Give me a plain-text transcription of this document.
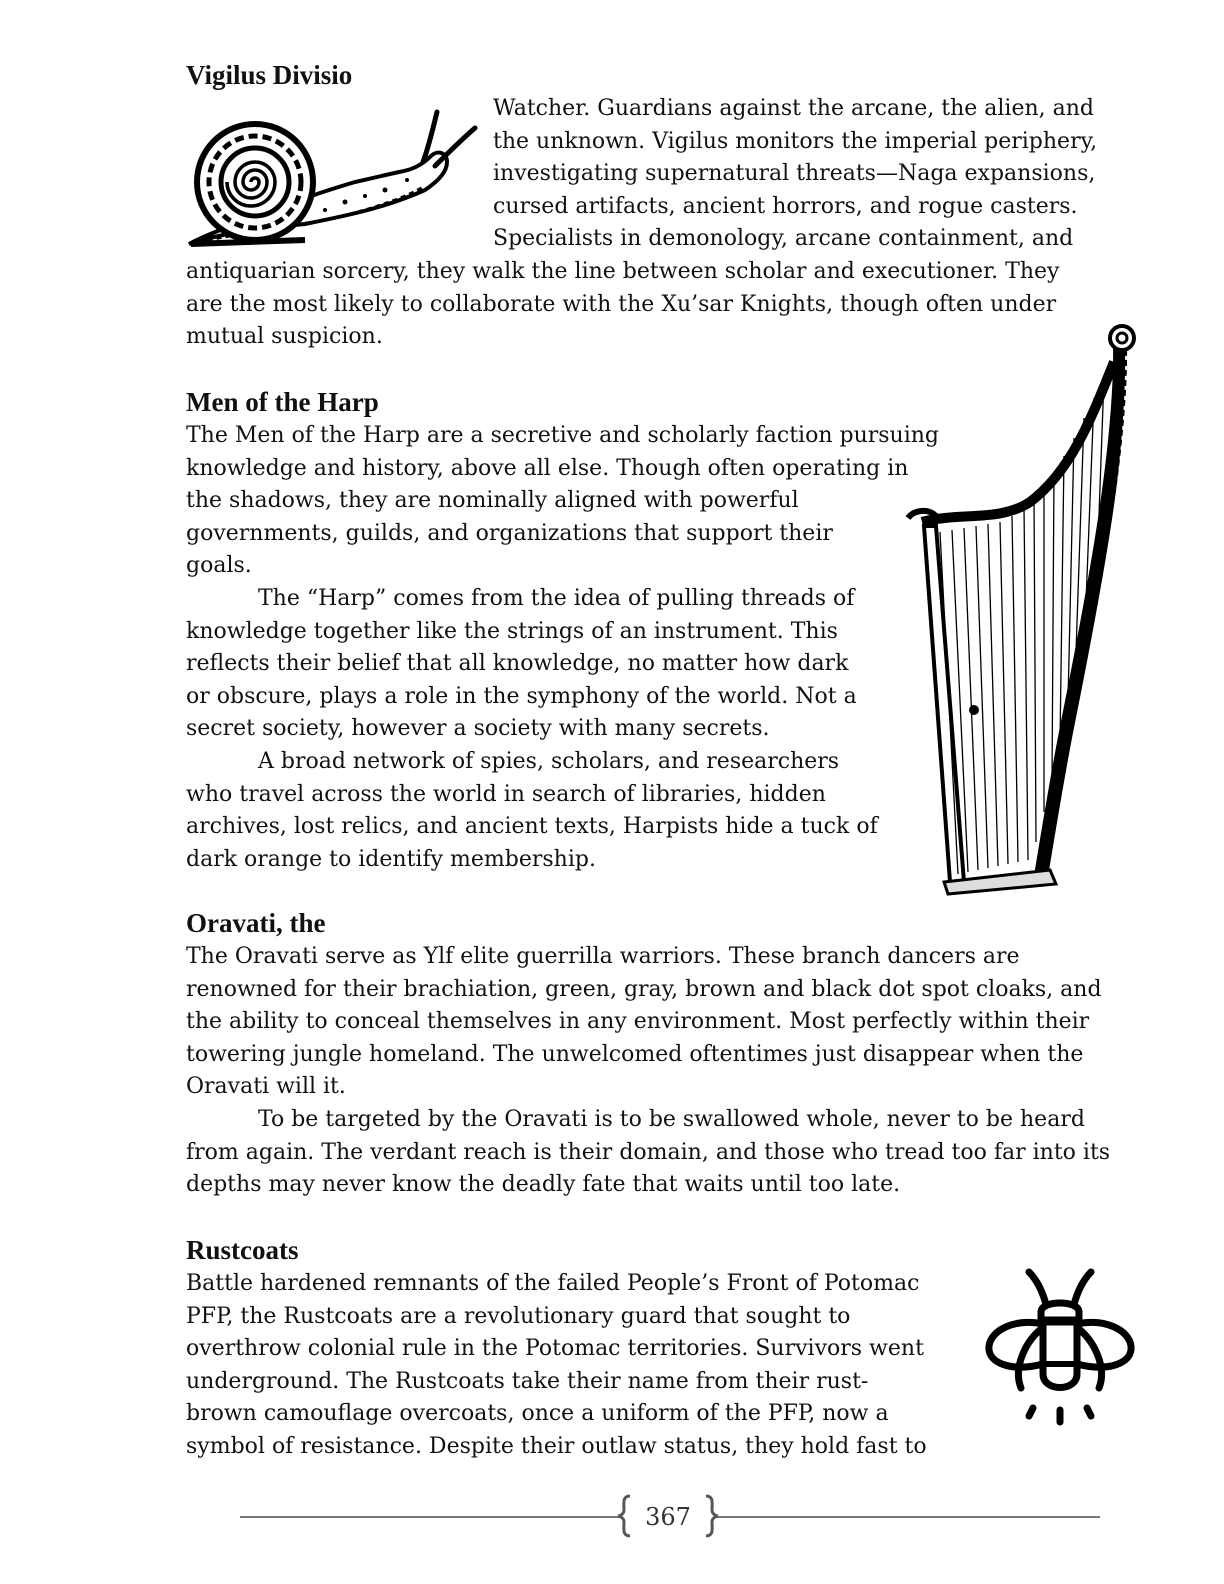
Vigilus Divisio
Watcher. Guardians against the arcane, the alien, and
the unknown. Vigilus monitors the imperial periphery,
investigating supernatural threats—Naga expansions,
cursed artifacts, ancient horrors, and rogue casters.
Specialists in demonology, arcane containment, and
antiquarian sorcery, they walk the line between scholar and executioner. They
are the most likely to collaborate with the Xu’sar Knights, though often under
mutual suspicion.
Men of the Harp
The Men of the Harp are a secretive and scholarly faction pursuing
knowledge and history, above all else. Though often operating in
the shadows, they are nominally aligned with powerful
governments, guilds, and organizations that support their
goals.
The “Harp” comes from the idea of pulling threads of
knowledge together like the strings of an instrument. This
reflects their belief that all knowledge, no matter how dark
or obscure, plays a role in the symphony of the world. Not a
secret society, however a society with many secrets.
A broad network of spies, scholars, and researchers
who travel across the world in search of libraries, hidden
archives, lost relics, and ancient texts, Harpists hide a tuck of
dark orange to identify membership.
Oravati, the
The Oravati serve as Ylf elite guerrilla warriors. These branch dancers are
renowned for their brachiation, green, gray, brown and black dot spot cloaks, and
the ability to conceal themselves in any environment. Most perfectly within their
towering jungle homeland. The unwelcomed oftentimes just disappear when the
Oravati will it.
To be targeted by the Oravati is to be swallowed whole, never to be heard
from again. The verdant reach is their domain, and those who tread too far into its
depths may never know the deadly fate that waits until too late.
Rustcoats
Battle hardened remnants of the failed People’s Front of Potomac
PFP, the Rustcoats are a revolutionary guard that sought to
overthrow colonial rule in the Potomac territories. Survivors went
underground. The Rustcoats take their name from their rust-
brown camouflage overcoats, once a uniform of the PFP, now a
symbol of resistance. Despite their outlaw status, they hold fast to
367
